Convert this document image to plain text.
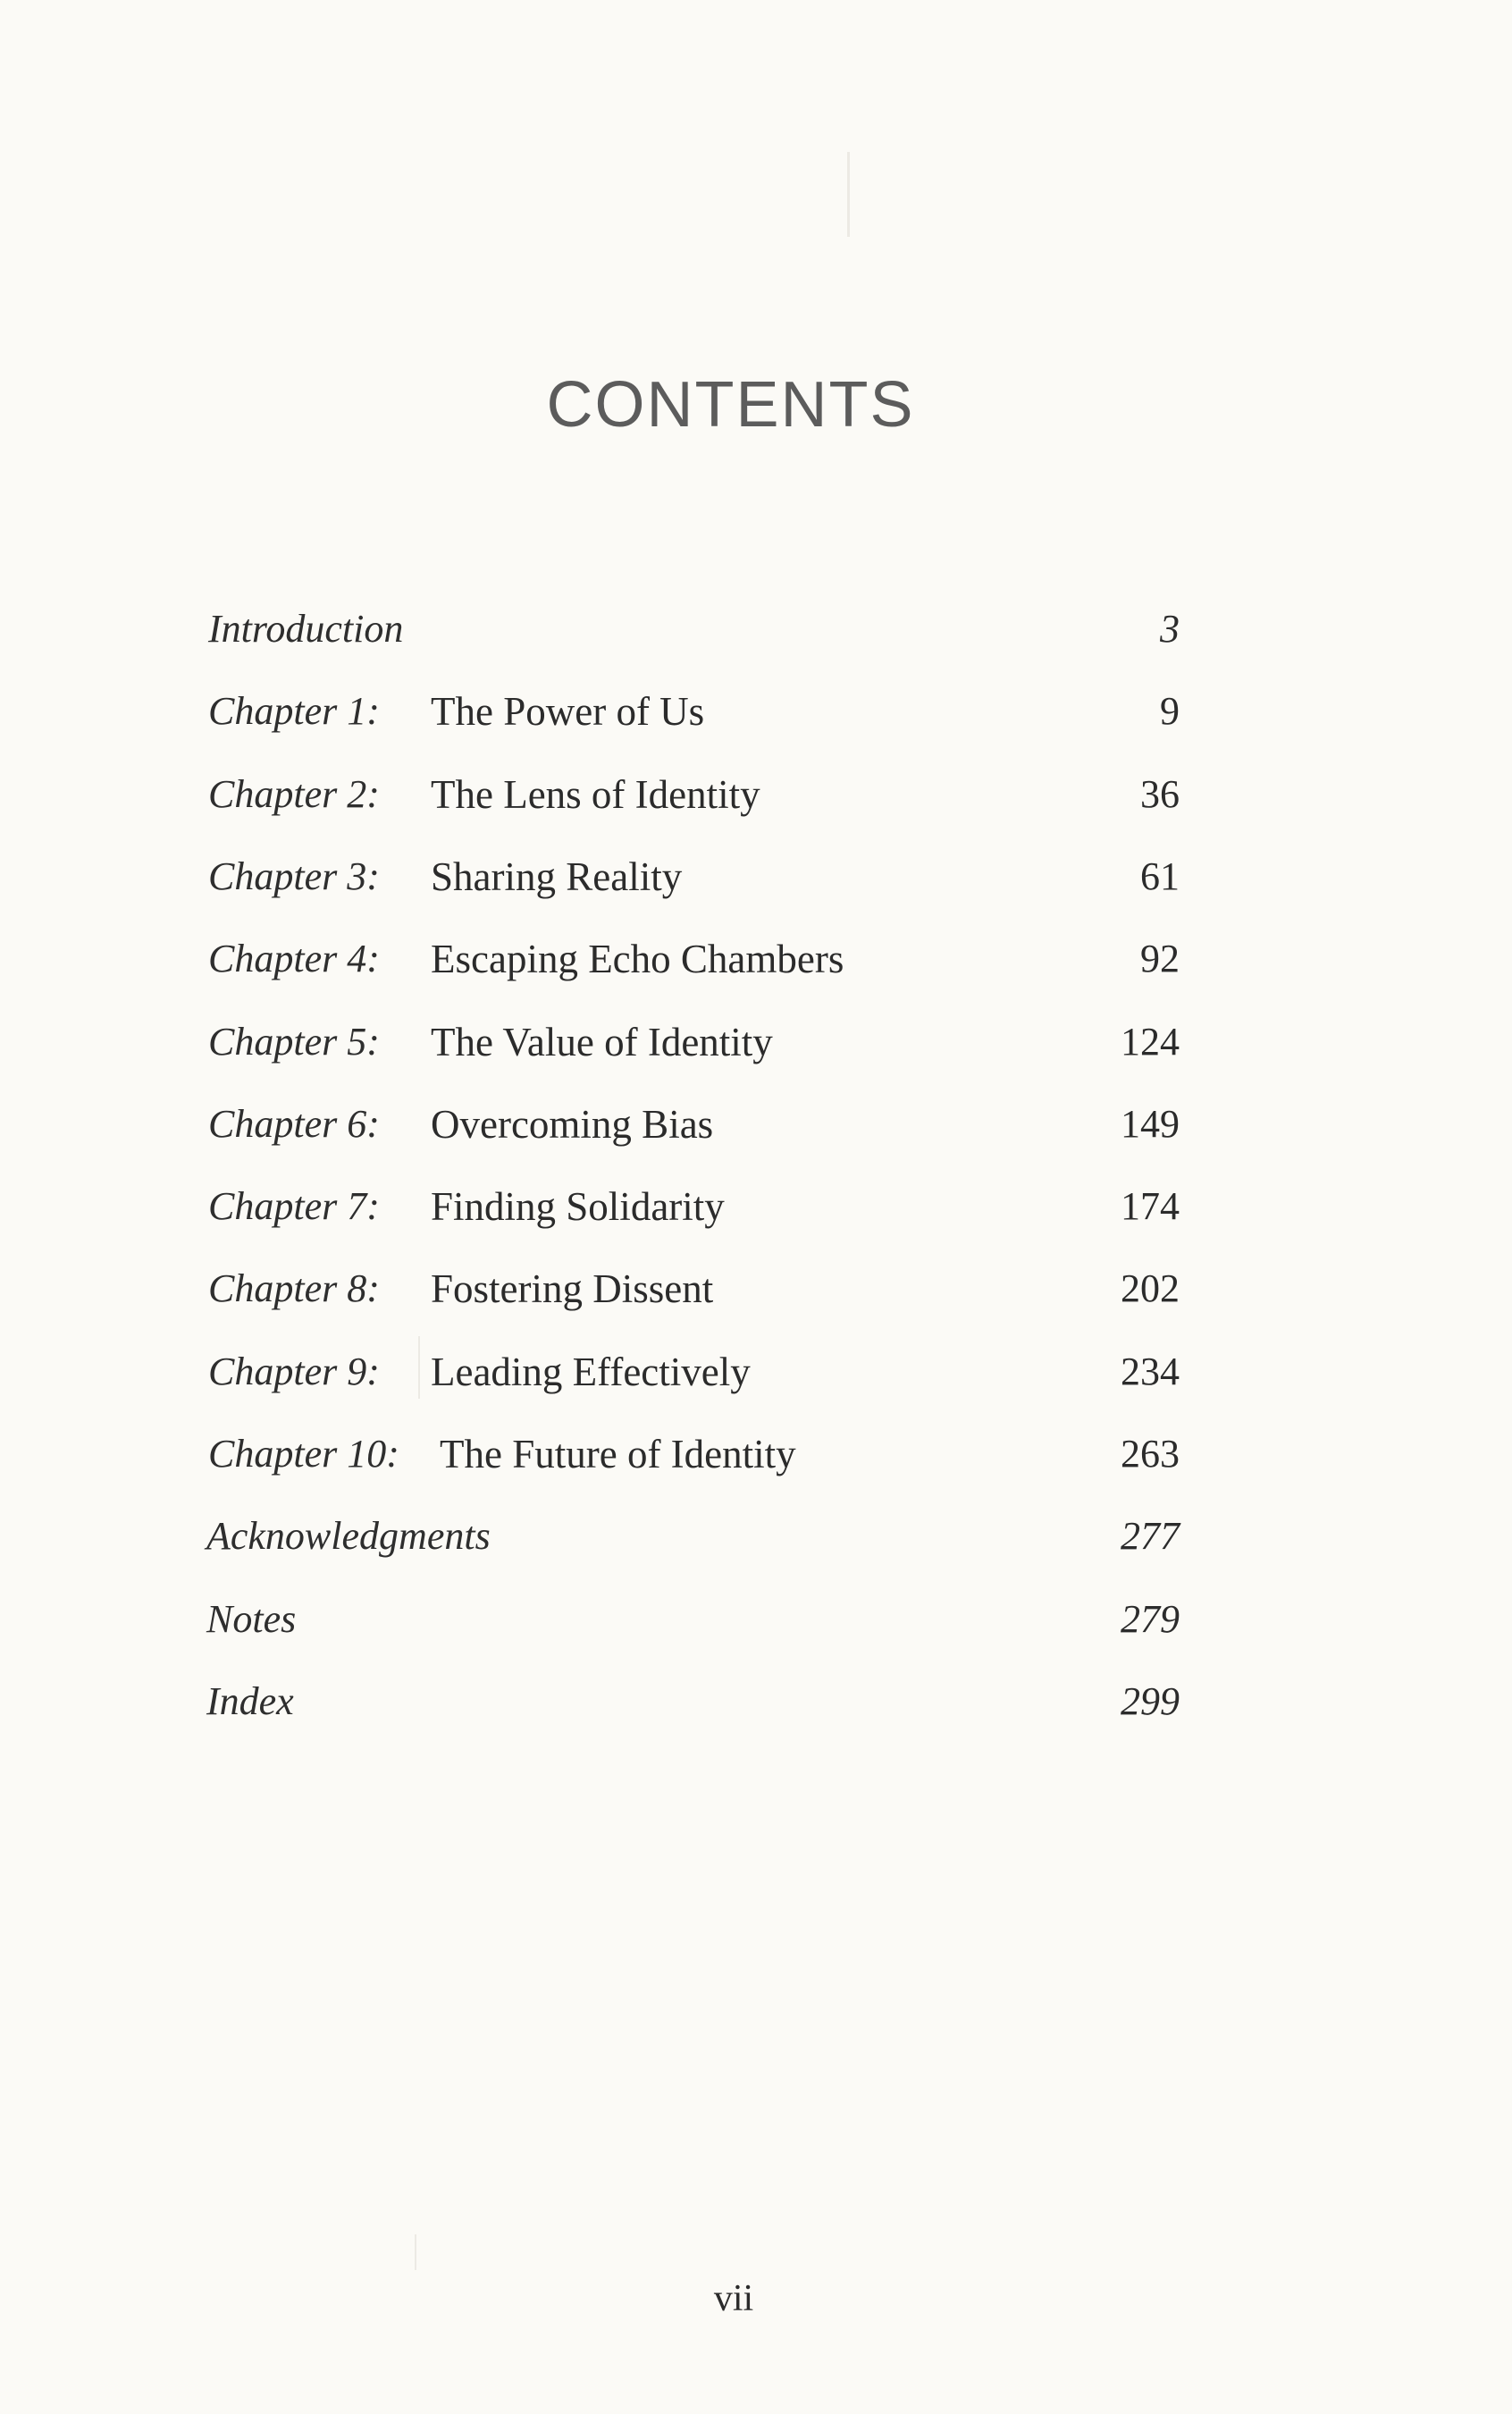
CONTENTS
Introduction	3
Chapter 1: The Power of Us	9
Chapter 2: The Lens of Identity	36
Chapter 3: Sharing Reality	61
Chapter 4: Escaping Echo Chambers	92
Chapter 5: The Value of Identity	124
Chapter 6: Overcoming Bias	149
Chapter 7: Finding Solidarity	174
Chapter 8: Fostering Dissent	202
Chapter 9: Leading Effectively	234
Chapter 10: The Future of Identity	263
Acknowledgments	277
Notes	279
Index	299
vii
